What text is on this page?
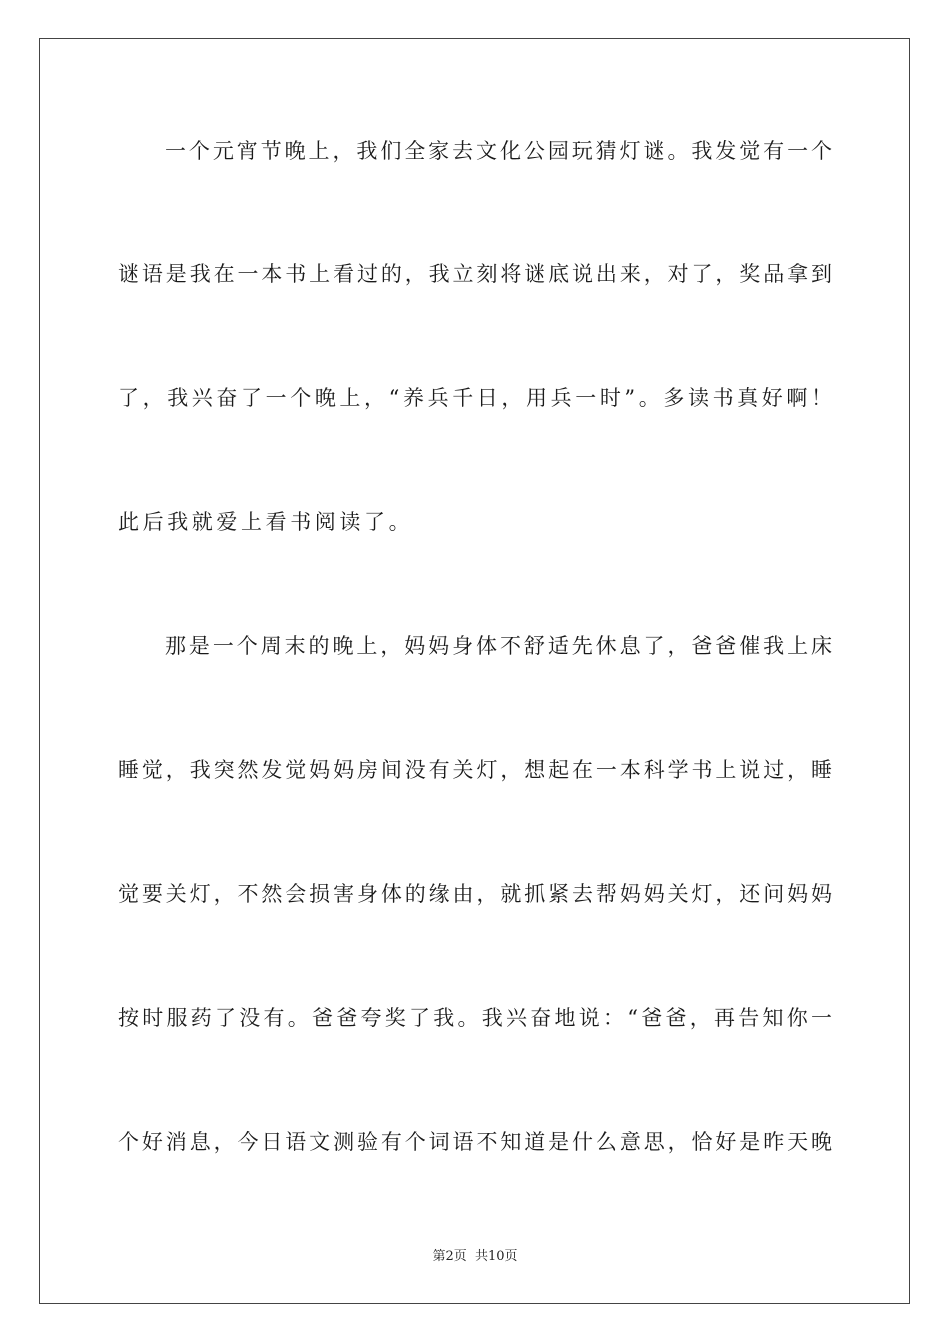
一个元宵节晚上，我们全家去文化公园玩猜灯谜。我发觉有一个
谜语是我在一本书上看过的，我立刻将谜底说出来，对了，奖品拿到
了，我兴奋了一个晚上，“养兵千日，用兵一时”。多读书真好啊！
此后我就爱上看书阅读了。
那是一个周末的晚上，妈妈身体不舒适先休息了，爸爸催我上床
睡觉，我突然发觉妈妈房间没有关灯，想起在一本科学书上说过，睡
觉要关灯，不然会损害身体的缘由，就抓紧去帮妈妈关灯，还问妈妈
按时服药了没有。爸爸夸奖了我。我兴奋地说：“爸爸，再告知你一
个好消息，今日语文测验有个词语不知道是什么意思，恰好是昨天晚
第2页  共10页
